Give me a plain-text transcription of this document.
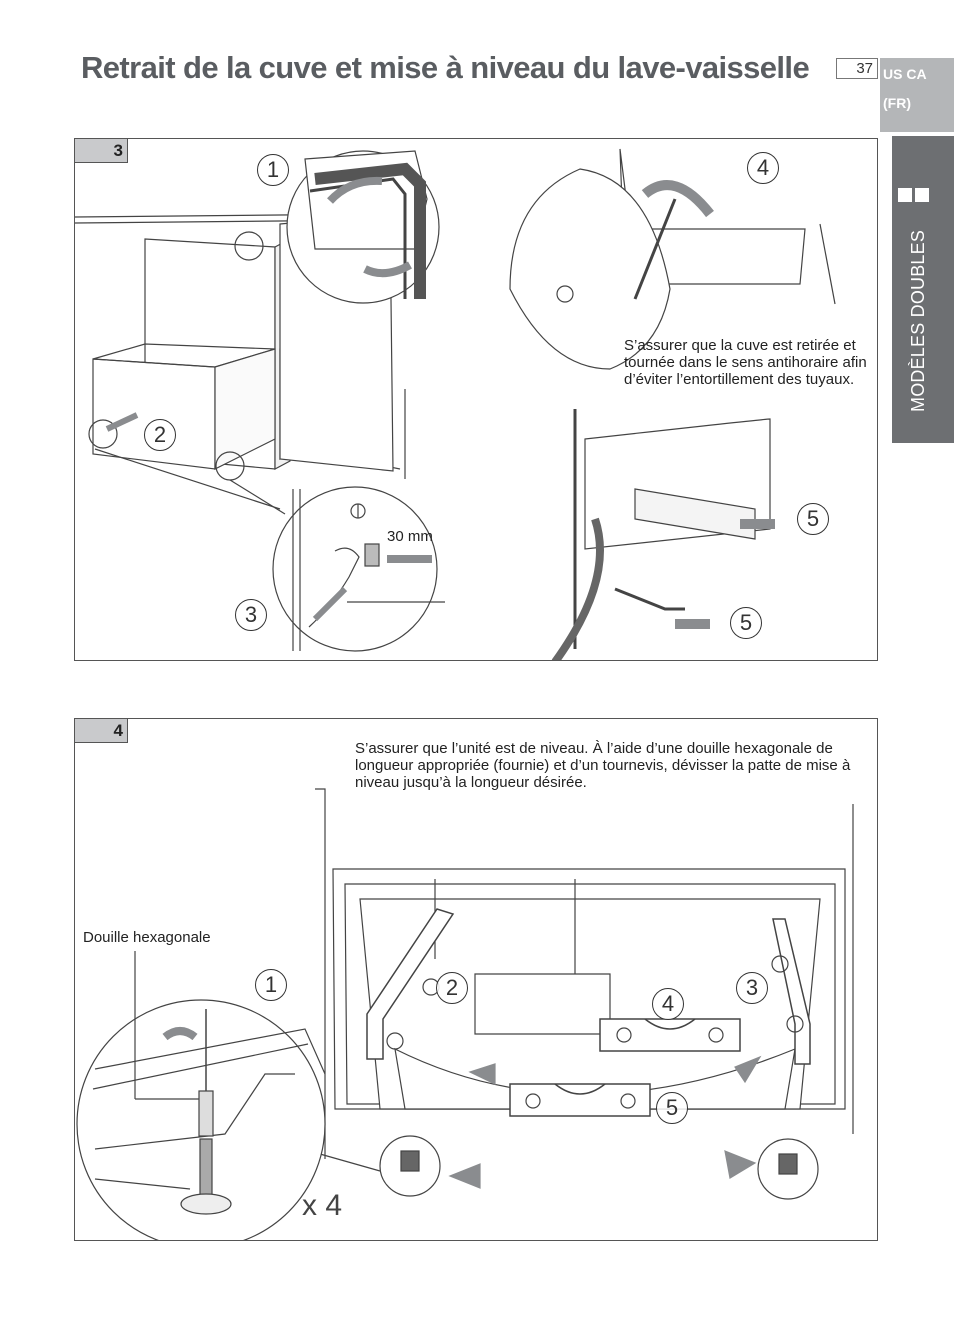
Retrait de la cuve et mise à niveau du lave-vaisselle	37 US CA
(FR)
MODÈLES DOUBLES
3
1
2
3
4
5
5
30 mm
S’assurer que la cuve est retirée et tournée dans le sens antihoraire afin d’éviter l’entortillement des tuyaux.
4
S’assurer que l’unité est de niveau. À l’aide d’une douille hexagonale de longueur appropriée (fournie) et d’un tournevis, dévisser la patte de mise à niveau jusqu’à la longueur désirée.
Douille hexagonale
1	2	3
4
5
x 4
